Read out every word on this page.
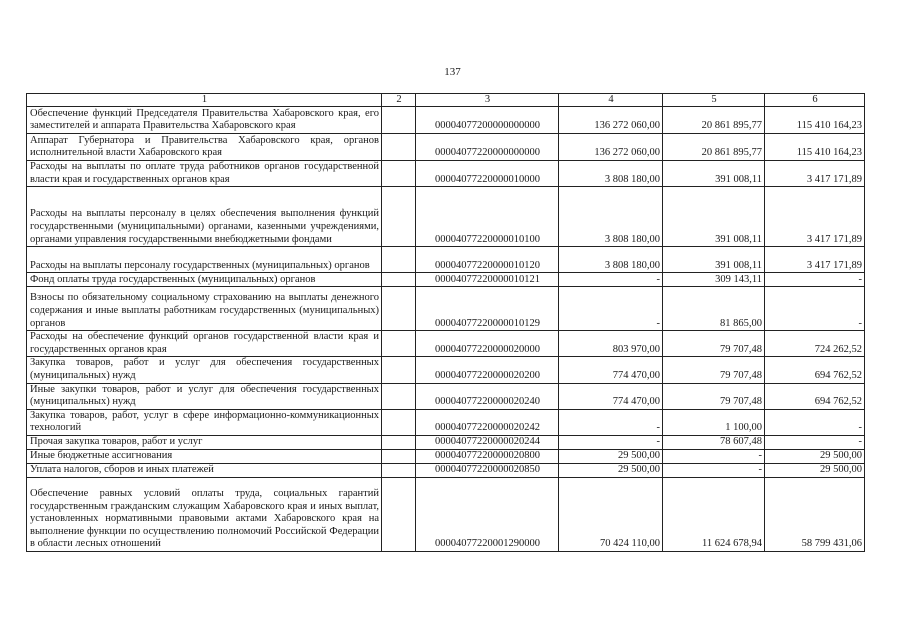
137
1	2	3	4	5	6
Обеспечение функций Председателя Правительства Хабаровского края, его заместителей и аппарата Правительства Хабаровского края		00004077200000000000	136 272 060,00	20 861 895,77	115 410 164,23
Аппарат Губернатора и Правительства Хабаровского края, органов исполнительной власти Хабаровского края		00004077220000000000	136 272 060,00	20 861 895,77	115 410 164,23
Расходы на выплаты по оплате труда работников органов государственной власти края и государственных органов края		00004077220000010000	3 808 180,00	391 008,11	3 417 171,89
Расходы на выплаты персоналу в целях обеспечения выполнения функций государственными (муниципальными) органами, казенными учреждениями, органами управления государственными внебюджетными фондами		00004077220000010100	3 808 180,00	391 008,11	3 417 171,89
Расходы на выплаты персоналу государственных (муниципальных) органов		00004077220000010120	3 808 180,00	391 008,11	3 417 171,89
Фонд оплаты труда государственных (муниципальных) органов		00004077220000010121	-	309 143,11	-
Взносы по обязательному социальному страхованию на выплаты денежного содержания и иные выплаты работникам государственных (муниципальных) органов		00004077220000010129	-	81 865,00	-
Расходы на обеспечение функций органов государственной власти края и государственных органов края		00004077220000020000	803 970,00	79 707,48	724 262,52
Закупка товаров, работ и услуг для обеспечения государственных (муниципальных) нужд		00004077220000020200	774 470,00	79 707,48	694 762,52
Иные закупки товаров, работ и услуг для обеспечения государственных (муниципальных) нужд		00004077220000020240	774 470,00	79 707,48	694 762,52
Закупка товаров, работ, услуг в сфере информационно-коммуникационных технологий		00004077220000020242	-	1 100,00	-
Прочая закупка товаров, работ и услуг		00004077220000020244	-	78 607,48	-
Иные бюджетные ассигнования		00004077220000020800	29 500,00	-	29 500,00
Уплата налогов, сборов и иных платежей		00004077220000020850	29 500,00	-	29 500,00
Обеспечение равных условий оплаты труда, социальных гарантий государственным гражданским служащим Хабаровского края и иных выплат, установленных нормативными правовыми актами Хабаровского края на выполнение функции по осуществлению полномочий Российской Федерации в области лесных отношений		00004077220001290000	70 424 110,00	11 624 678,94	58 799 431,06
